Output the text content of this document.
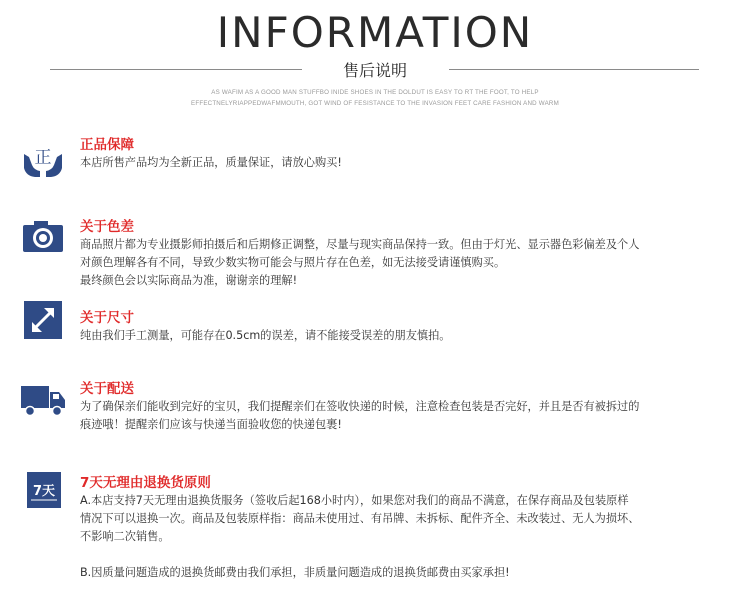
INFORMATION
售后说明
AS WAFIM AS A GOOD MAN STUFFBO INIDE SHOES IN THE DOLDUT IS EASY TO RT THE FOOT, TO HELP EFFECTNELYRIAPPEDWAFMMOUTH, GOT WIND OF FESISTANCE TO THE INVASION FEET CARE FASHION AND WARM
正
正品保障
本店所售产品均为全新正品，质量保证，请放心购买!
关于色差
商品照片都为专业摄影师拍摄后和后期修正调整，尽量与现实商品保持一致。但由于灯光、显示器色彩偏差及个人
对颜色理解各有不同，导致少数实物可能会与照片存在色差，如无法接受请谨慎购买。
最终颜色会以实际商品为准，谢谢亲的理解!
关于尺寸
纯由我们手工测量，可能存在0.5cm的误差，请不能接受误差的朋友慎拍。
关于配送
为了确保亲们能收到完好的宝贝，我们提醒亲们在签收快递的时候，注意检查包装是否完好，并且是否有被拆过的
痕迹哦！提醒亲们应该与快递当面验收您的快递包裹!
7天
7天无理由退换货原则
A.本店支持7天无理由退换货服务（签收后起168小时内），如果您对我们的商品不满意，在保存商品及包装原样
情况下可以退换一次。商品及包装原样指：商品未使用过、有吊牌、未拆标、配件齐全、未改装过、无人为损坏、
不影响二次销售。
B.因质量问题造成的退换货邮费由我们承担，非质量问题造成的退换货邮费由买家承担!
